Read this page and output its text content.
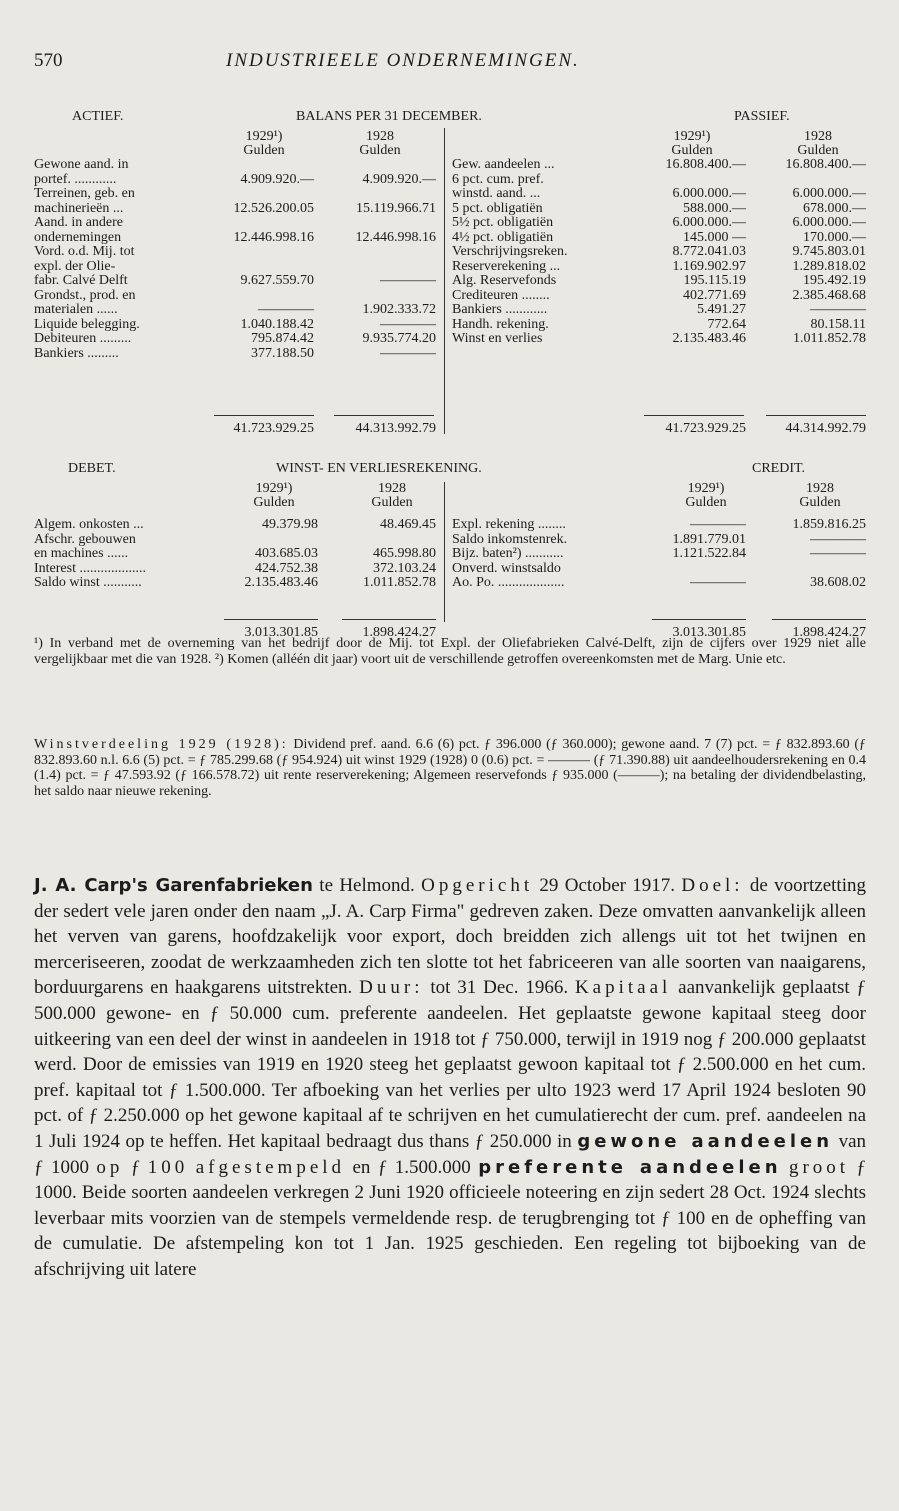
570	INDUSTRIEELE ONDERNEMINGEN.
ACTIEF.	BALANS PER 31 DECEMBER.	PASSIEF.
1929¹)	1928
Gulden	Gulden
1929¹)	1928
Gulden	Gulden
Gewone aand. in
portef. ............	4.909.920.—	4.909.920.—
Terreinen, geb. en
machinerieën ...	12.526.200.05	15.119.966.71
Aand. in andere
ondernemingen	12.446.998.16	12.446.998.16
Vord. o.d. Mij. tot
expl. der Olie-
fabr. Calvé Delft	9.627.559.70	————
Grondst., prod. en
materialen ......	————	1.902.333.72
Liquide belegging.	1.040.188.42	————
Debiteuren .........	795.874.42	9.935.774.20
Bankiers .........	377.188.50	————
Gew. aandeelen ...	16.808.400.—	16.808.400.—
6 pct. cum. pref.
winstd. aand. ...	6.000.000.—	6.000.000.—
5 pct. obligatiën	588.000.—	678.000.—
5½ pct. obligatiën	6.000.000.—	6.000.000.—
4½ pct. obligatiën	145.000 —	170.000.—
Verschrijvingsreken.	8.772.041.03	9.745.803.01
Reserverekening ...	1.169.902.97	1.289.818.02
Alg. Reservefonds	195.115.19	195.492.19
Crediteuren ........	402.771.69	2.385.468.68
Bankiers ............	5.491.27	————
Handh. rekening.	772.64	80.158.11
Winst en verlies	2.135.483.46	1.011.852.78
41.723.929.25	44.313.992.79	41.723.929.25	44.314.992.79
DEBET.	WINST- EN VERLIESREKENING.	CREDIT.
1929¹)	1928
Gulden	Gulden
1929¹)	1928
Gulden	Gulden
Algem. onkosten ...	49.379.98	48.469.45
Afschr. gebouwen
en machines ......	403.685.03	465.998.80
Interest ...................	424.752.38	372.103.24
Saldo winst ...........	2.135.483.46	1.011.852.78
Expl. rekening ........	————	1.859.816.25
Saldo inkomstenrek.	1.891.779.01	————
Bijz. baten²) ...........	1.121.522.84	————
Onverd. winstsaldo
Ao. Po. ...................	————	38.608.02
3.013.301.85	1.898.424.27	3.013.301.85	1.898.424.27
¹) In verband met de overneming van het bedrijf door de Mij. tot Expl. der Oliefabrieken Calvé-Delft, zijn de cijfers over 1929 niet alle vergelijkbaar met die van 1928. ²) Komen (alléén dit jaar) voort uit de verschillende getroffen overeenkomsten met de Marg. Unie etc.
Winstverdeeling 1929 (1928): Dividend pref. aand. 6.6 (6) pct. ƒ 396.000 (ƒ 360.000); gewone aand. 7 (7) pct. = ƒ 832.893.60 (ƒ 832.893.60 n.l. 6.6 (5) pct. = ƒ 785.299.68 (ƒ 954.924) uit winst 1929 (1928) 0 (0.6) pct. = ——— (ƒ 71.390.88) uit aandeelhoudersrekening en 0.4 (1.4) pct. = ƒ 47.593.92 (ƒ 166.578.72) uit rente reserverekening; Algemeen reservefonds ƒ 935.000 (———); na betaling der dividendbelasting, het saldo naar nieuwe rekening.
J. A. Carp's Garenfabrieken te Helmond. Opgericht 29 October 1917. Doel: de voortzetting der sedert vele jaren onder den naam „J. A. Carp Firma" gedreven zaken. Deze omvatten aanvankelijk alleen het verven van garens, hoofdzakelijk voor export, doch breidden zich allengs uit tot het twijnen en merceriseeren, zoodat de werkzaamheden zich ten slotte tot het fabriceeren van alle soorten van naaigarens, borduurgarens en haakgarens uitstrekten. Duur: tot 31 Dec. 1966. Kapitaal aanvankelijk geplaatst ƒ 500.000 gewone- en ƒ 50.000 cum. preferente aandeelen. Het geplaatste gewone kapitaal steeg door uitkeering van een deel der winst in aandeelen in 1918 tot ƒ 750.000, terwijl in 1919 nog ƒ 200.000 geplaatst werd. Door de emissies van 1919 en 1920 steeg het geplaatst gewoon kapitaal tot ƒ 2.500.000 en het cum. pref. kapitaal tot ƒ 1.500.000. Ter afboeking van het verlies per ulto 1923 werd 17 April 1924 besloten 90 pct. of ƒ 2.250.000 op het gewone kapitaal af te schrijven en het cumulatierecht der cum. pref. aandeelen na 1 Juli 1924 op te heffen. Het kapitaal bedraagt dus thans ƒ 250.000 in gewone aandeelen van ƒ 1000 op ƒ 100 afgestempeld en ƒ 1.500.000 preferente aandeelen groot ƒ 1000. Beide soorten aandeelen verkregen 2 Juni 1920 officieele noteering en zijn sedert 28 Oct. 1924 slechts leverbaar mits voorzien van de stempels vermeldende resp. de terugbrenging tot ƒ 100 en de opheffing van de cumulatie. De afstempeling kon tot 1 Jan. 1925 geschieden. Een regeling tot bijboeking van de afschrijving uit latere
